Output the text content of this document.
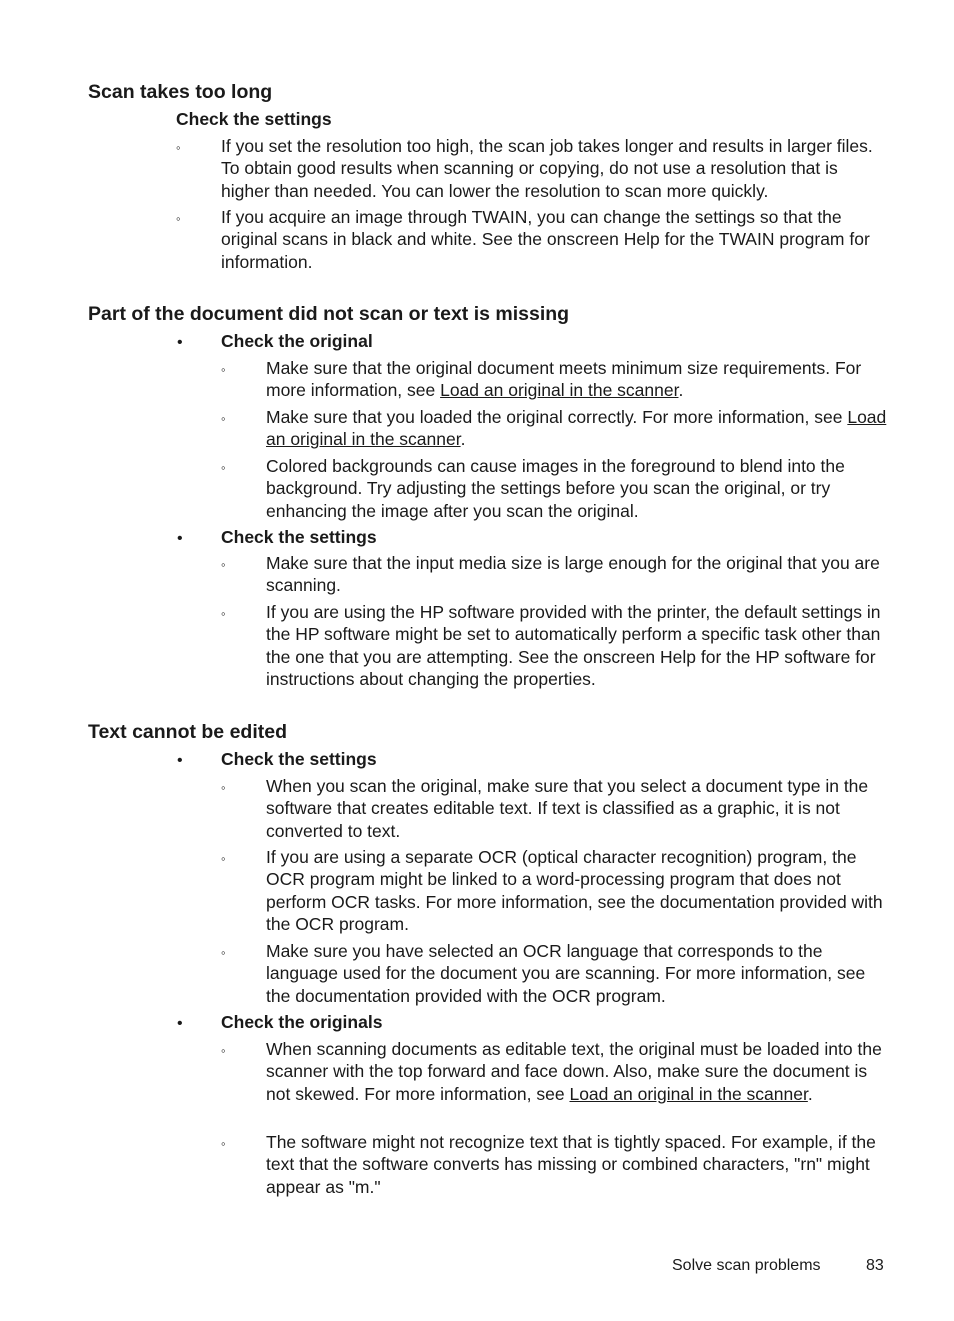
Scan takes too long
Check the settings
◦ If you set the resolution too high, the scan job takes longer and results in larger files. To obtain good results when scanning or copying, do not use a resolution that is higher than needed. You can lower the resolution to scan more quickly.

◦ If you acquire an image through TWAIN, you can change the settings so that the original scans in black and white. See the onscreen Help for the TWAIN program for information.

Part of the document did not scan or text is missing
• Check the original
◦ Make sure that the original document meets minimum size requirements. For more information, see Load an original in the scanner.

◦ Make sure that you loaded the original correctly. For more information, see Load an original in the scanner.

◦ Colored backgrounds can cause images in the foreground to blend into the background. Try adjusting the settings before you scan the original, or try enhancing the image after you scan the original.

• Check the settings
◦ Make sure that the input media size is large enough for the original that you are scanning.

◦ If you are using the HP software provided with the printer, the default settings in the HP software might be set to automatically perform a specific task other than the one that you are attempting. See the onscreen Help for the HP software for instructions about changing the properties.

Text cannot be edited
• Check the settings
◦ When you scan the original, make sure that you select a document type in the software that creates editable text. If text is classified as a graphic, it is not converted to text.

◦ If you are using a separate OCR (optical character recognition) program, the OCR program might be linked to a word-processing program that does not perform OCR tasks. For more information, see the documentation provided with the OCR program.

◦ Make sure you have selected an OCR language that corresponds to the language used for the document you are scanning. For more information, see the documentation provided with the OCR program.

• Check the originals
◦ When scanning documents as editable text, the original must be loaded into the scanner with the top forward and face down. Also, make sure the document is not skewed. For more information, see Load an original in the scanner.

◦ The software might not recognize text that is tightly spaced. For example, if the text that the software converts has missing or combined characters, "rn" might appear as "m."

Solve scan problems	83
